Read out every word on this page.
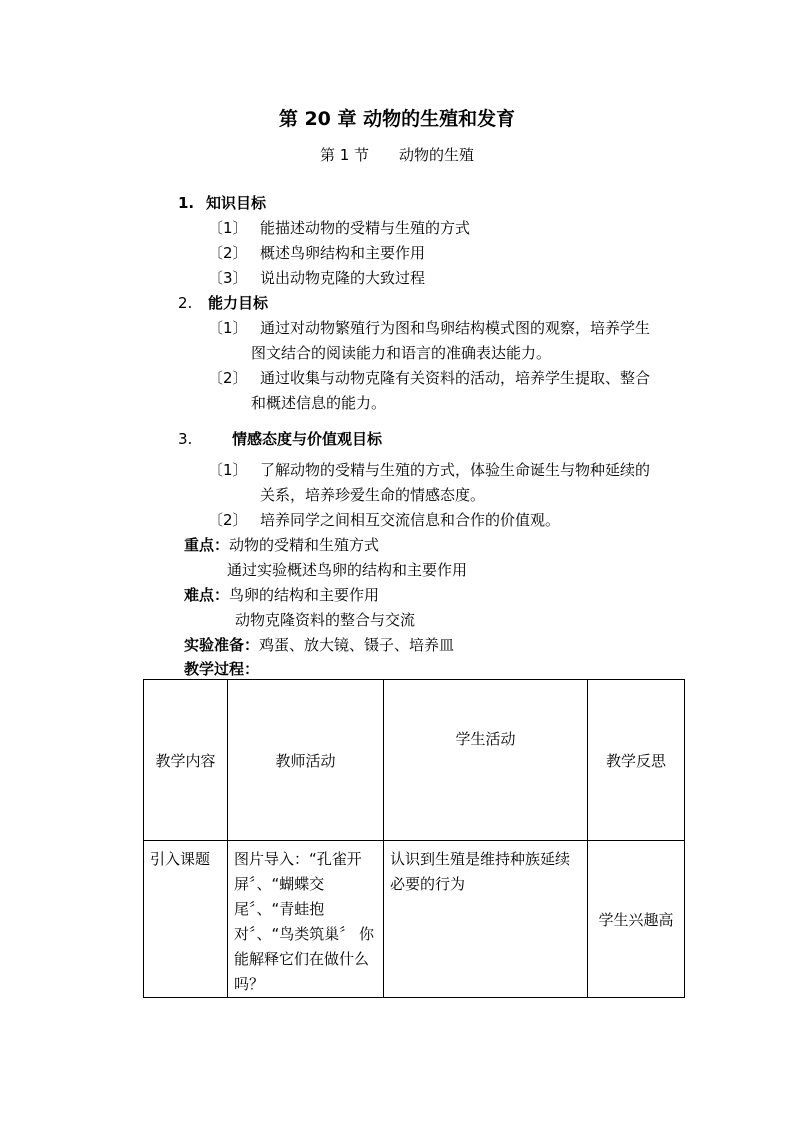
第 20 章 动物的生殖和发育
第 1 节 动物的生殖
1. 知识目标
〔1〕 能描述动物的受精与生殖的方式
〔2〕 概述鸟卵结构和主要作用
〔3〕 说出动物克隆的大致过程
2. 能力目标
〔1〕 通过对动物繁殖行为图和鸟卵结构模式图的观察，培养学生
图文结合的阅读能力和语言的准确表达能力。
〔2〕 通过收集与动物克隆有关资料的活动，培养学生提取、整合
和概述信息的能力。
3.	情感态度与价值观目标
〔1〕 了解动物的受精与生殖的方式，体验生命诞生与物种延续的
关系，培养珍爱生命的情感态度。
〔2〕 培养同学之间相互交流信息和合作的价值观。
重点：动物的受精和生殖方式
通过实验概述鸟卵的结构和主要作用
难点：鸟卵的结构和主要作用
动物克隆资料的整合与交流
实验准备：鸡蛋、放大镜、镊子、培养皿
教学过程：
教学内容	教师活动	学生活动	教学反思

引入课题	图片导入：“孔雀开屏〞、“蝴蝶交尾〞、“青蛙抱对〞、“鸟类筑巢〞 你能解释它们在做什么吗？	认识到生殖是维持种族延续必要的行为	学生兴趣高
